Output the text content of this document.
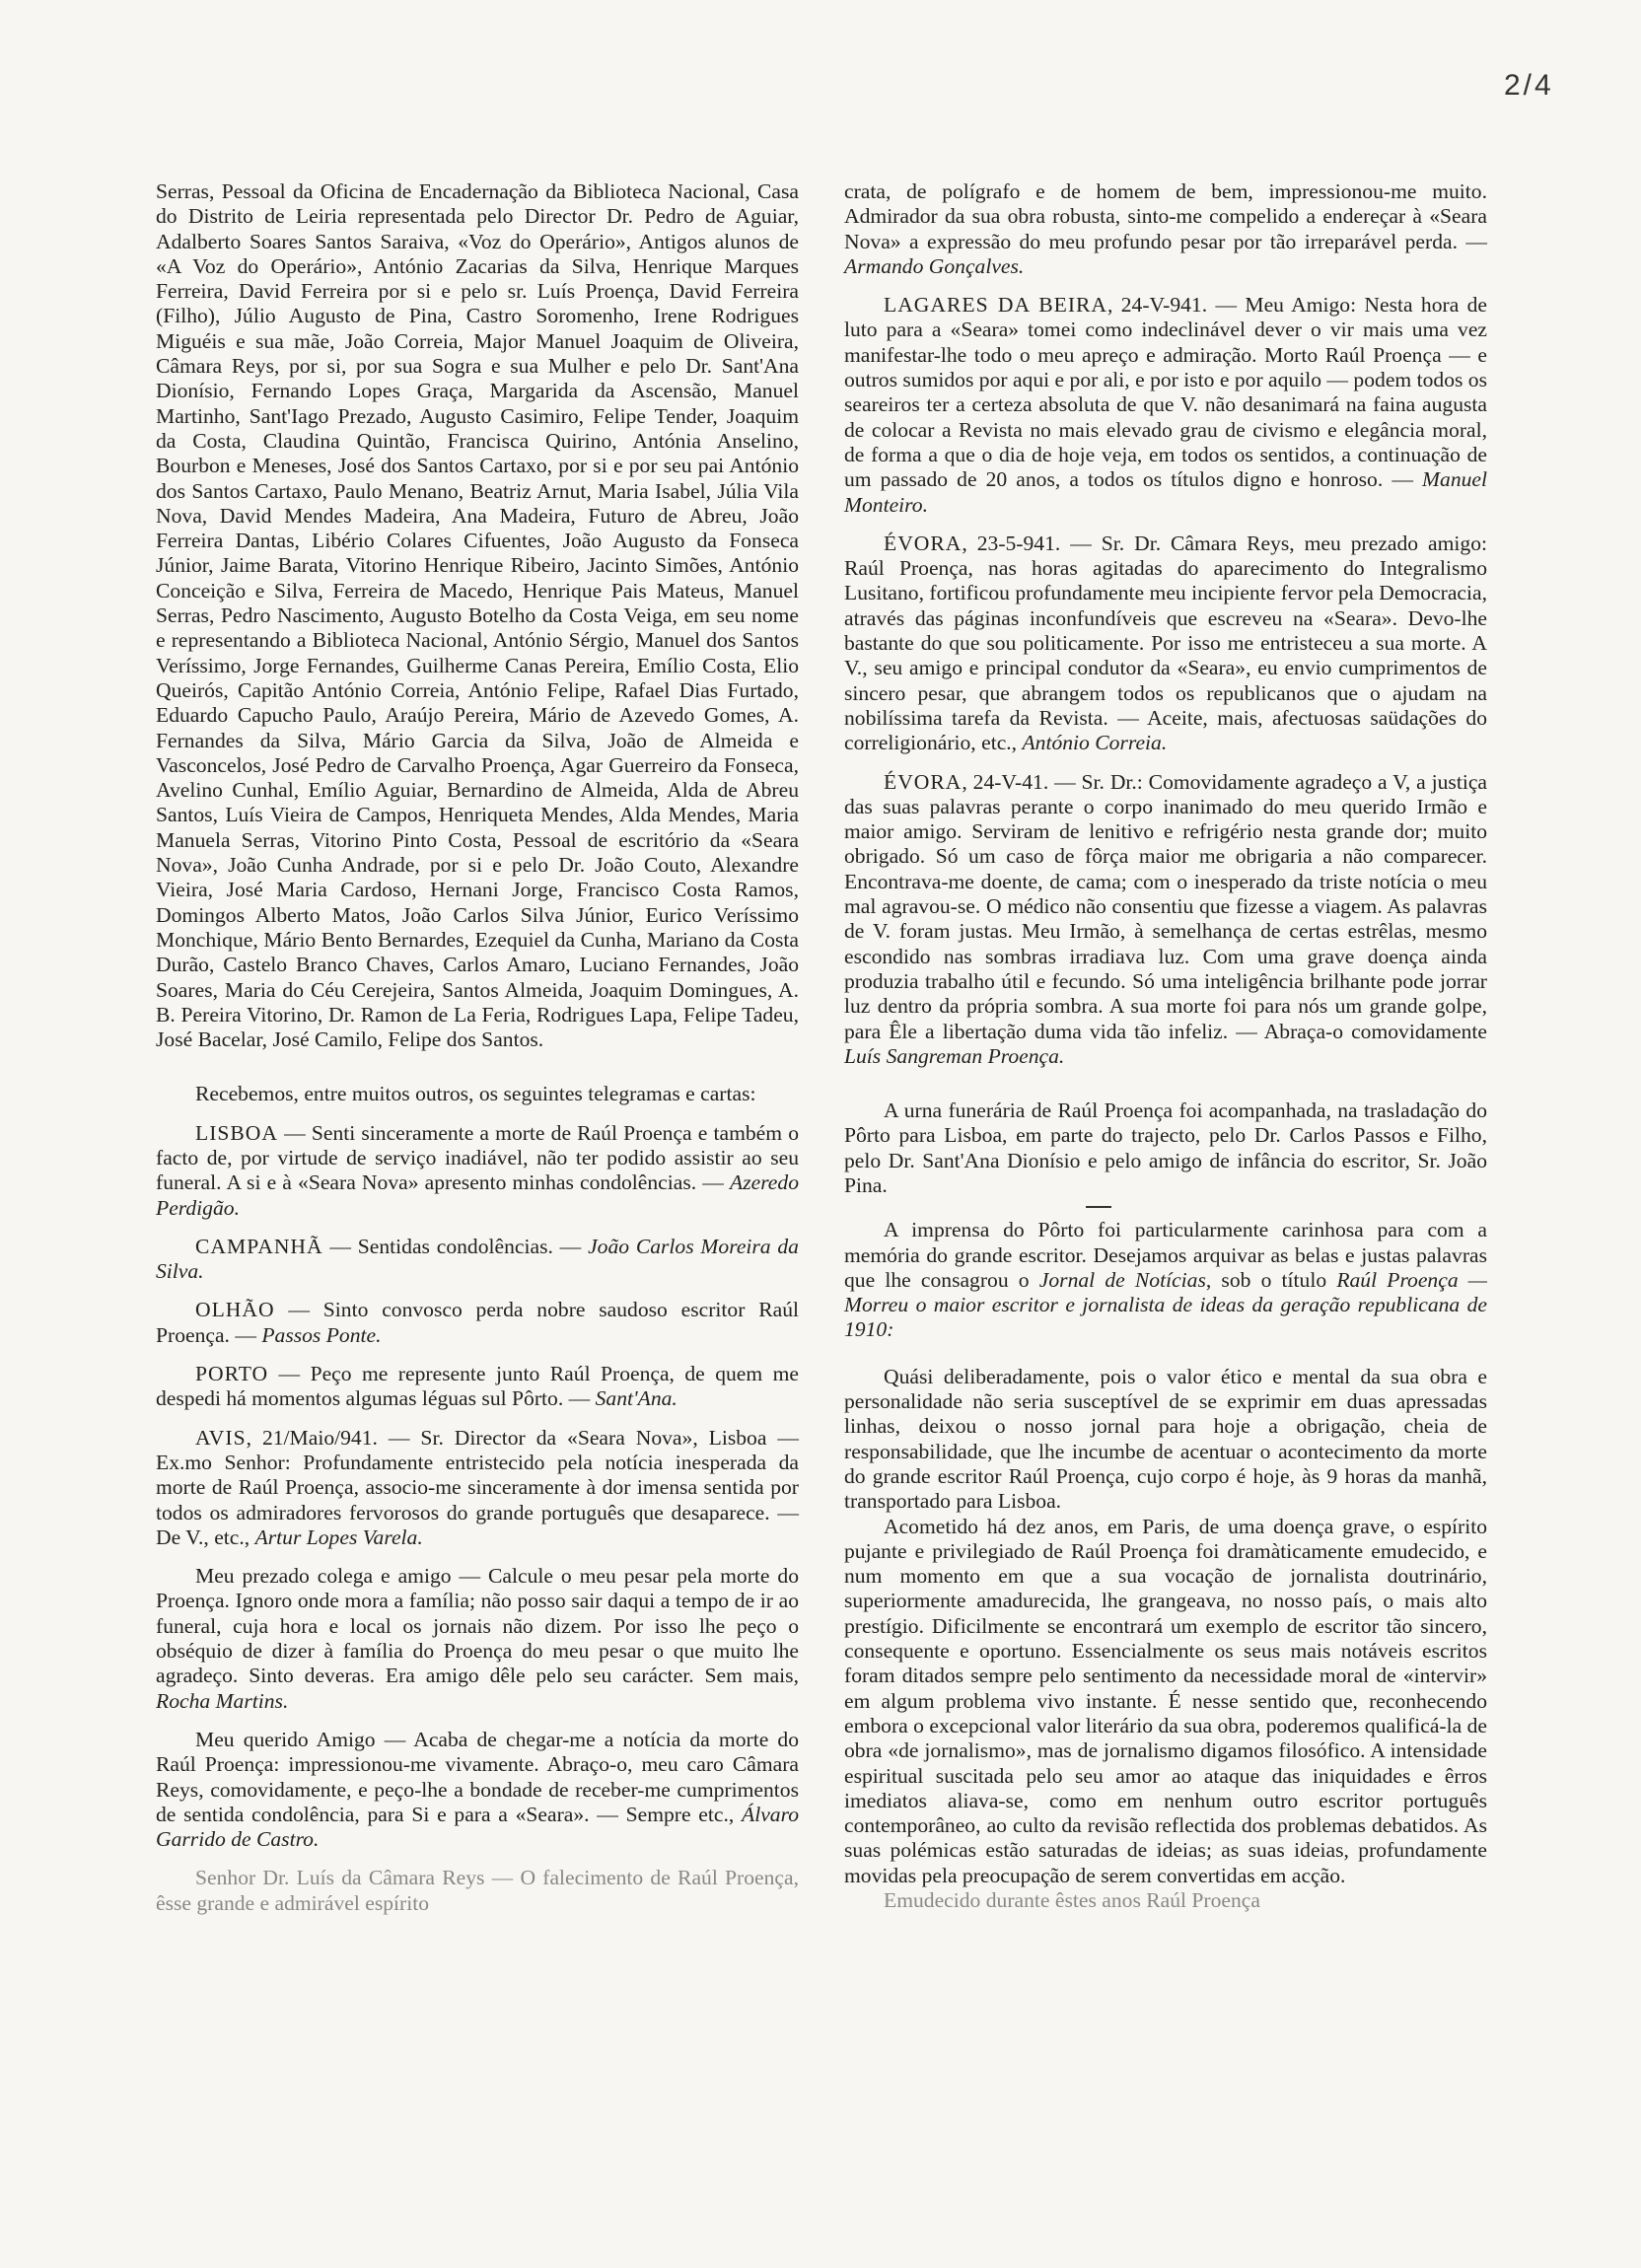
2/4

Serras, Pessoal da Oficina de Encadernação da Biblioteca Nacional, Casa do Distrito de Leiria representada pelo Director Dr. Pedro de Aguiar, Adalberto Soares Santos Saraiva, «Voz do Operário», Antigos alunos de «A Voz do Operário», António Zacarias da Silva, Henrique Marques Ferreira, David Ferreira por si e pelo sr. Luís Proença, David Ferreira (Filho), Júlio Augusto de Pina, Castro Soromenho, Irene Rodrigues Miguéis e sua mãe, João Correia, Major Manuel Joaquim de Oliveira, Câmara Reys, por si, por sua Sogra e sua Mulher e pelo Dr. Sant'Ana Dionísio, Fernando Lopes Graça, Margarida da Ascensão, Manuel Martinho, Sant'Iago Prezado, Augusto Casimiro, Felipe Tender, Joaquim da Costa, Claudina Quintão, Francisca Quirino, Antónia Anselino, Bourbon e Meneses, José dos Santos Cartaxo, por si e por seu pai António dos Santos Cartaxo, Paulo Menano, Beatriz Arnut, Maria Isabel, Júlia Vila Nova, David Mendes Madeira, Ana Madeira, Futuro de Abreu, João Ferreira Dantas, Libério Colares Cifuentes, João Augusto da Fonseca Júnior, Jaime Barata, Vitorino Henrique Ribeiro, Jacinto Simões, António Conceição e Silva, Ferreira de Macedo, Henrique Pais Mateus, Manuel Serras, Pedro Nascimento, Augusto Botelho da Costa Veiga, em seu nome e representando a Biblioteca Nacional, António Sérgio, Manuel dos Santos Veríssimo, Jorge Fernandes, Guilherme Canas Pereira, Emílio Costa, Elio Queirós, Capitão António Correia, António Felipe, Rafael Dias Furtado, Eduardo Capucho Paulo, Araújo Pereira, Mário de Azevedo Gomes, A. Fernandes da Silva, Mário Garcia da Silva, João de Almeida e Vasconcelos, José Pedro de Carvalho Proença, Agar Guerreiro da Fonseca, Avelino Cunhal, Emílio Aguiar, Bernardino de Almeida, Alda de Abreu Santos, Luís Vieira de Campos, Henriqueta Mendes, Alda Mendes, Maria Manuela Serras, Vitorino Pinto Costa, Pessoal de escritório da «Seara Nova», João Cunha Andrade, por si e pelo Dr. João Couto, Alexandre Vieira, José Maria Cardoso, Hernani Jorge, Francisco Costa Ramos, Domingos Alberto Matos, João Carlos Silva Júnior, Eurico Veríssimo Monchique, Mário Bento Bernardes, Ezequiel da Cunha, Mariano da Costa Durão, Castelo Branco Chaves, Carlos Amaro, Luciano Fernandes, João Soares, Maria do Céu Cerejeira, Santos Almeida, Joaquim Domingues, A. B. Pereira Vitorino, Dr. Ramon de La Feria, Rodrigues Lapa, Felipe Tadeu, José Bacelar, José Camilo, Felipe dos Santos.

Recebemos, entre muitos outros, os seguintes telegramas e cartas:

LISBOA — Senti sinceramente a morte de Raúl Proença e também o facto de, por virtude de serviço inadiável, não ter podido assistir ao seu funeral. A si e à «Seara Nova» apresento minhas condolências. — Azeredo Perdigão.

CAMPANHÃ — Sentidas condolências. — João Carlos Moreira da Silva.

OLHÃO — Sinto convosco perda nobre saudoso escritor Raúl Proença. — Passos Ponte.

PORTO — Peço me represente junto Raúl Proença, de quem me despedi há momentos algumas léguas sul Pôrto. — Sant'Ana.

AVIS, 21/Maio/941. — Sr. Director da «Seara Nova», Lisboa — Ex.mo Senhor: Profundamente entristecido pela notícia inesperada da morte de Raúl Proença, associo-me sinceramente à dor imensa sentida por todos os admiradores fervorosos do grande português que desaparece. — De V., etc., Artur Lopes Varela.

Meu prezado colega e amigo — Calcule o meu pesar pela morte do Proença. Ignoro onde mora a família; não posso sair daqui a tempo de ir ao funeral, cuja hora e local os jornais não dizem. Por isso lhe peço o obséquio de dizer à família do Proença do meu pesar o que muito lhe agradeço. Sinto deveras. Era amigo dêle pelo seu carácter. Sem mais, Rocha Martins.

Meu querido Amigo — Acaba de chegar-me a notícia da morte do Raúl Proença: impressionou-me vivamente. Abraço-o, meu caro Câmara Reys, comovidamente, e peço-lhe a bondade de receber-me cumprimentos de sentida condolência, para Si e para a «Seara». — Sempre etc., Álvaro Garrido de Castro.

Senhor Dr. Luís da Câmara Reys — O falecimento de Raúl Proença, êsse grande e admirável espírito

crata, de polígrafo e de homem de bem, impressionou-me muito. Admirador da sua obra robusta, sinto-me compelido a endereçar à «Seara Nova» a expressão do meu profundo pesar por tão irreparável perda. — Armando Gonçalves.

LAGARES DA BEIRA, 24-V-941. — Meu Amigo: Nesta hora de luto para a «Seara» tomei como indeclinável dever o vir mais uma vez manifestar-lhe todo o meu apreço e admiração. Morto Raúl Proença — e outros sumidos por aqui e por ali, e por isto e por aquilo — podem todos os seareiros ter a certeza absoluta de que V. não desanimará na faina augusta de colocar a Revista no mais elevado grau de civismo e elegância moral, de forma a que o dia de hoje veja, em todos os sentidos, a continuação de um passado de 20 anos, a todos os títulos digno e honroso. — Manuel Monteiro.

ÉVORA, 23-5-941. — Sr. Dr. Câmara Reys, meu prezado amigo: Raúl Proença, nas horas agitadas do aparecimento do Integralismo Lusitano, fortificou profundamente meu incipiente fervor pela Democracia, através das páginas inconfundíveis que escreveu na «Seara». Devo-lhe bastante do que sou politicamente. Por isso me entristeceu a sua morte. A V., seu amigo e principal condutor da «Seara», eu envio cumprimentos de sincero pesar, que abrangem todos os republicanos que o ajudam na nobilíssima tarefa da Revista. — Aceite, mais, afectuosas saüdações do correligionário, etc., António Correia.

ÉVORA, 24-V-41. — Sr. Dr.: Comovidamente agradeço a V, a justiça das suas palavras perante o corpo inanimado do meu querido Irmão e maior amigo. Serviram de lenitivo e refrigério nesta grande dor; muito obrigado. Só um caso de fôrça maior me obrigaria a não comparecer. Encontrava-me doente, de cama; com o inesperado da triste notícia o meu mal agravou-se. O médico não consentiu que fizesse a viagem. As palavras de V. foram justas. Meu Irmão, à semelhança de certas estrêlas, mesmo escondido nas sombras irradiava luz. Com uma grave doença ainda produzia trabalho útil e fecundo. Só uma inteligência brilhante pode jorrar luz dentro da própria sombra. A sua morte foi para nós um grande golpe, para Êle a libertação duma vida tão infeliz. — Abraça-o comovidamente Luís Sangreman Proença.

A urna funerária de Raúl Proença foi acompanhada, na trasladação do Pôrto para Lisboa, em parte do trajecto, pelo Dr. Carlos Passos e Filho, pelo Dr. Sant'Ana Dionísio e pelo amigo de infância do escritor, Sr. João Pina.

A imprensa do Pôrto foi particularmente carinhosa para com a memória do grande escritor. Desejamos arquivar as belas e justas palavras que lhe consagrou o Jornal de Notícias, sob o título Raúl Proença — Morreu o maior escritor e jornalista de ideas da geração republicana de 1910:

Quási deliberadamente, pois o valor ético e mental da sua obra e personalidade não seria susceptível de se exprimir em duas apressadas linhas, deixou o nosso jornal para hoje a obrigação, cheia de responsabilidade, que lhe incumbe de acentuar o acontecimento da morte do grande escritor Raúl Proença, cujo corpo é hoje, às 9 horas da manhã, transportado para Lisboa.

Acometido há dez anos, em Paris, de uma doença grave, o espírito pujante e privilegiado de Raúl Proença foi dramàticamente emudecido, e num momento em que a sua vocação de jornalista doutrinário, superiormente amadurecida, lhe grangeava, no nosso país, o mais alto prestígio. Dificilmente se encontrará um exemplo de escritor tão sincero, consequente e oportuno. Essencialmente os seus mais notáveis escritos foram ditados sempre pelo sentimento da necessidade moral de «intervir» em algum problema vivo instante. É nesse sentido que, reconhecendo embora o excepcional valor literário da sua obra, poderemos qualificá-la de obra «de jornalismo», mas de jornalismo digamos filosófico. A intensidade espiritual suscitada pelo seu amor ao ataque das iniquidades e êrros imediatos aliava-se, como em nenhum outro escritor português contemporâneo, ao culto da revisão reflectida dos problemas debatidos. As suas polémicas estão saturadas de ideias; as suas ideias, profundamente movidas pela preocupação de serem convertidas em acção.

Emudecido durante êstes anos Raúl Proença
